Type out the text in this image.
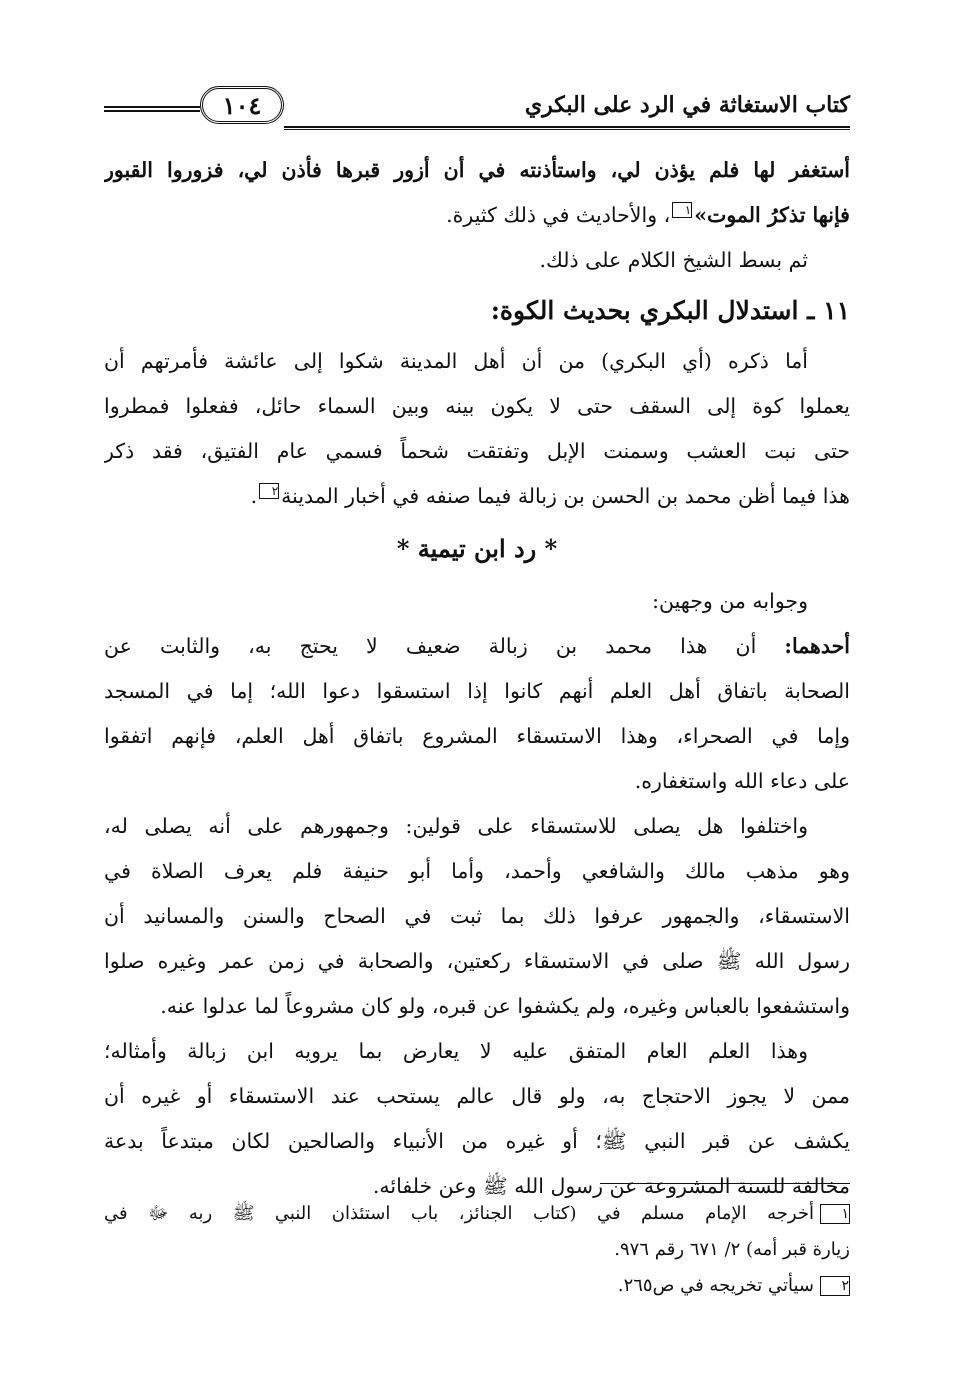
كتاب الاستغاثة في الرد على البكري
١٠٤
أستغفر لها فلم يؤذن لي، واستأذنته في أن أزور قبرها فأذن لي، فزوروا القبور
فإنها تذكرُ الموت»١، والأحاديث في ذلك كثيرة.
ثم بسط الشيخ الكلام على ذلك.
١١ ـ استدلال البكري بحديث الكوة:
أما ذكره (أي البكري) من أن أهل المدينة شكوا إلى عائشة فأمرتهم أن
يعملوا كوة إلى السقف حتى لا يكون بينه وبين السماء حائل، ففعلوا فمطروا
حتى نبت العشب وسمنت الإبل وتفتقت شحماً فسمي عام الفتيق، فقد ذكر
هذا فيما أظن محمد بن الحسن بن زبالة فيما صنفه في أخبار المدينة٢.
* رد ابن تيمية *
وجوابه من وجهين:
أحدهما: أن هذا محمد بن زبالة ضعيف لا يحتج به، والثابت عن
الصحابة باتفاق أهل العلم أنهم كانوا إذا استسقوا دعوا الله؛ إما في المسجد
وإما في الصحراء، وهذا الاستسقاء المشروع باتفاق أهل العلم، فإنهم اتفقوا
على دعاء الله واستغفاره.
واختلفوا هل يصلى للاستسقاء على قولين: وجمهورهم على أنه يصلى له،
وهو مذهب مالك والشافعي وأحمد، وأما أبو حنيفة فلم يعرف الصلاة في
الاستسقاء، والجمهور عرفوا ذلك بما ثبت في الصحاح والسنن والمسانيد أن
رسول الله ﷺ صلى في الاستسقاء ركعتين، والصحابة في زمن عمر وغيره صلوا
واستشفعوا بالعباس وغيره، ولم يكشفوا عن قبره، ولو كان مشروعاً لما عدلوا عنه.
وهذا العلم العام المتفق عليه لا يعارض بما يرويه ابن زبالة وأمثاله؛
ممن لا يجوز الاحتجاج به، ولو قال عالم يستحب عند الاستسقاء أو غيره أن
يكشف عن قبر النبي ﷺ؛ أو غيره من الأنبياء والصالحين لكان مبتدعاً بدعة
مخالفة للسنة المشروعة عن رسول الله ﷺ وعن خلفائه.
١أخرجه الإمام مسلم في (كتاب الجنائز، باب استئذان النبي ﷺ ربه ﷻ في
زيارة قبر أمه) ٢/ ٦٧١ رقم ٩٧٦.
٢سيأتي تخريجه في ص٢٦٥.
